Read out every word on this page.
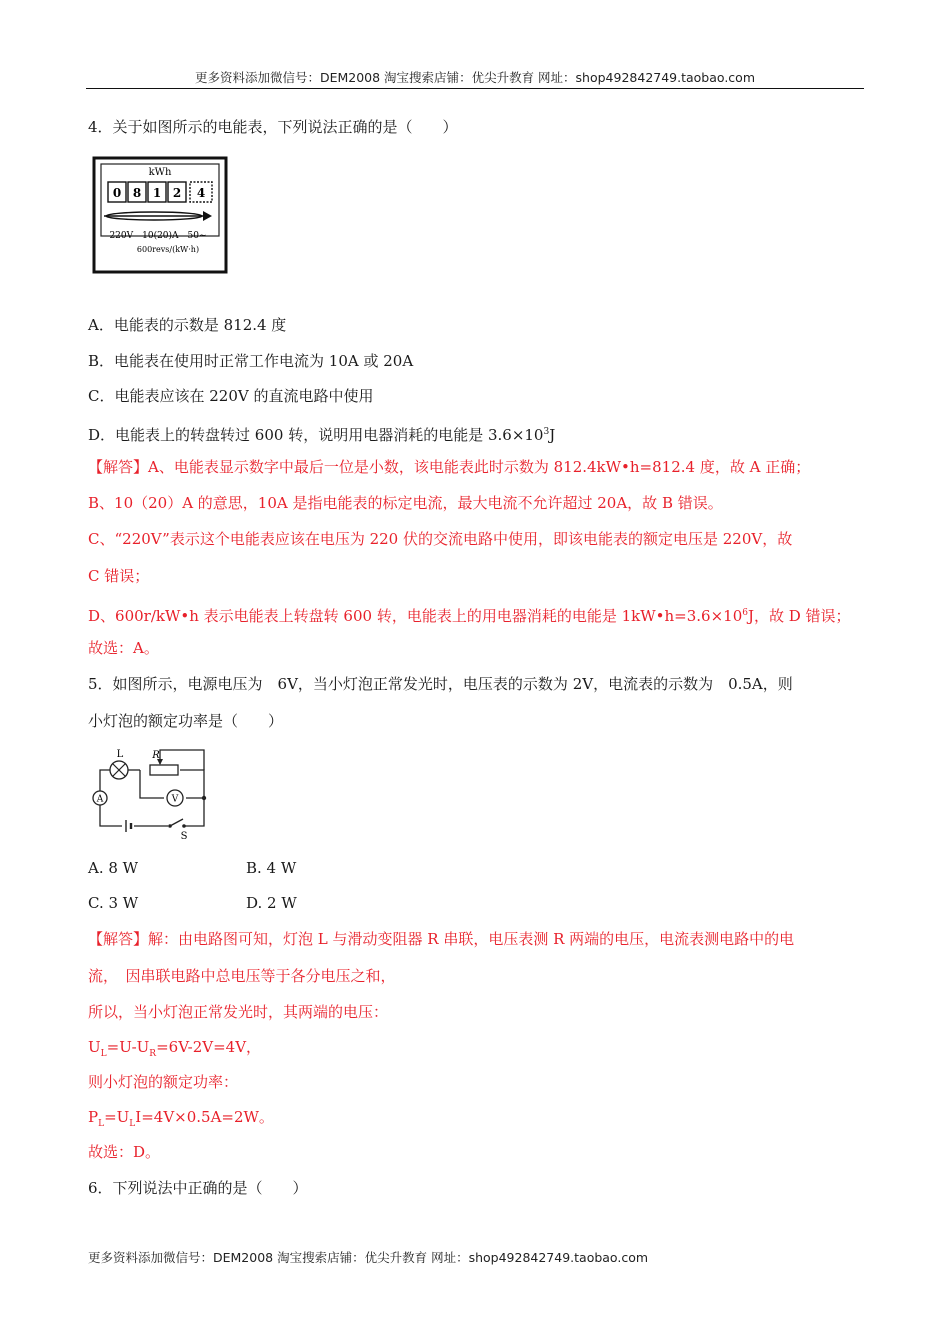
更多资料添加微信号：DEM2008 淘宝搜索店铺：优尖升教育 网址：shop492842749.taobao.com
4．关于如图所示的电能表，下列说法正确的是（　　）
kWh
0 8 1 2 4
220V　10(20)A　50~
600revs/(kW·h)
A．电能表的示数是 812.4 度
B．电能表在使用时正常工作电流为 10A 或 20A
C．电能表应该在 220V 的直流电路中使用
D．电能表上的转盘转过 600 转，说明用电器消耗的电能是 $3.6\times 10^3J$
【解答】A、电能表显示数字中最后一位是小数，该电能表此时示数为 812.4kW•h=812.4 度，故 A 正确；
B、10（20）A 的意思，10A 是指电能表的标定电流，最大电流不允许超过 20A，故 B 错误。
C、“220V”表示这个电能表应该在电压为 220 伏的交流电路中使用，即该电能表的额定电压是 220V，故
C 错误；
D、600r/kW•h 表示电能表上转盘转 600 转，电能表上的用电器消耗的电能是 $1kW•h=3.6\times 10^6J$，故 D 错误；
故选：A。
5．如图所示，电源电压为　6V，当小灯泡正常发光时，电压表的示数为 2V，电流表的示数为　0.5A，则
小灯泡的额定功率是（　　）
L	R
A	V
S
A. 8 W	B. 4 W
C. 3 W	D. 2 W
【解答】解：由电路图可知，灯泡 L 与滑动变阻器 R 串联，电压表测 R 两端的电压，电流表测电路中的电
流，　因串联电路中总电压等于各分电压之和，
所以，当小灯泡正常发光时，其两端的电压：
$U_L=U-U_R=6V-2V=4V$，
则小灯泡的额定功率：
$P_L=U_LI=4V\times 0.5A=2W$。
故选：D。
6．下列说法中正确的是（　　）
更多资料添加微信号：DEM2008 淘宝搜索店铺：优尖升教育 网址：shop492842749.taobao.com
